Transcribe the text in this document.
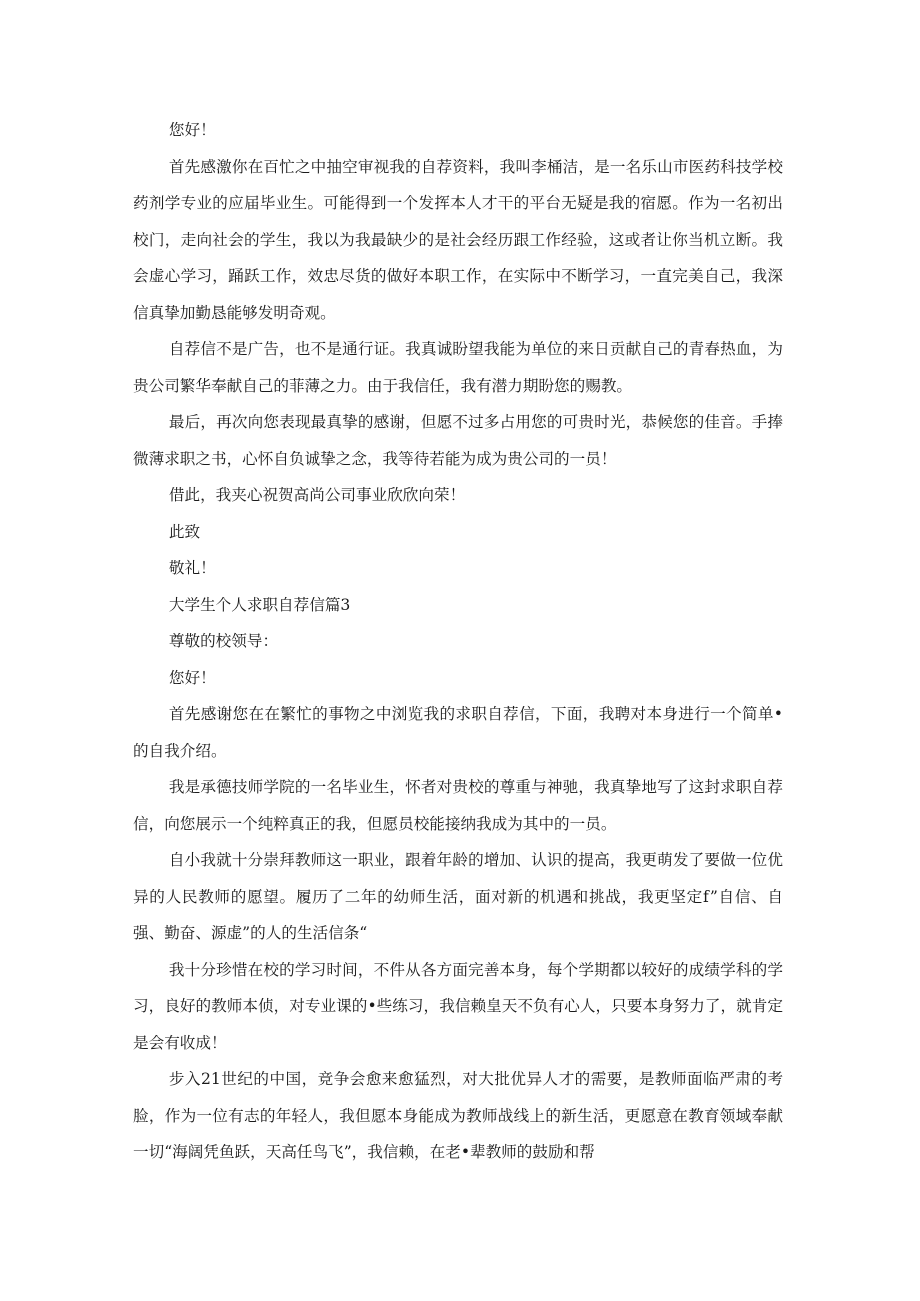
您好！

首先感激你在百忙之中抽空审视我的自荐资料，我叫李桶洁，是一名乐山市医药科技学校药剂学专业的应届毕业生。可能得到一个发挥本人才干的平台无疑是我的宿愿。作为一名初出校门，走向社会的学生，我以为我最缺少的是社会经历跟工作经验，这或者让你当机立断。我会虚心学习，踊跃工作，效忠尽货的做好本职工作，在实际中不断学习，一直完美自己，我深信真挚加勤恳能够发明奇观。

自荐信不是广告，也不是通行证。我真诚盼望我能为单位的来日贡献自己的青春热血，为贵公司繁华奉献自己的菲薄之力。由于我信任，我有潜力期盼您的赐教。

最后，再次向您表现最真挚的感谢，但愿不过多占用您的可贵时光，恭候您的佳音。手捧微薄求职之书，心怀自负诚挚之念，我等待若能为成为贵公司的一员！

借此，我夹心祝贺高尚公司事业欣欣向荣！

此致

敬礼！

大学生个人求职自荐信篇3

尊敬的校领导：

您好！

首先感谢您在在繁忙的事物之中浏览我的求职自荐信，下面，我聘对本身进行一个简单•的自我介绍。

我是承德技师学院的一名毕业生，怀者对贵校的尊重与神驰，我真挚地写了这封求职自荐信，向您展示一个纯粹真正的我，但愿员校能接纳我成为其中的一员。

自小我就十分崇拜教师这一职业，跟着年龄的增加、认识的提高，我更萌发了要做一位优异的人民教师的愿望。履历了二年的幼师生活，面对新的机遇和挑战，我更坚定f”自信、自强、勤奋、源虚”的人的生活信条“

我十分珍惜在校的学习时间，不件从各方面完善本身，每个学期都以较好的成绩学科的学习，良好的教师本侦，对专业课的•些练习，我信赖皇天不负有心人，只要本身努力了，就肯定是会有收成！

步入21世纪的中国，竞争会愈来愈猛烈，对大批优异人才的需要，是教师面临严肃的考脸，作为一位有志的年轻人，我但愿本身能成为教师战线上的新生活，更愿意在教育领域奉献一切“海阔凭鱼跃，天高任鸟飞”，我信赖，在老•辈教师的鼓励和帮
